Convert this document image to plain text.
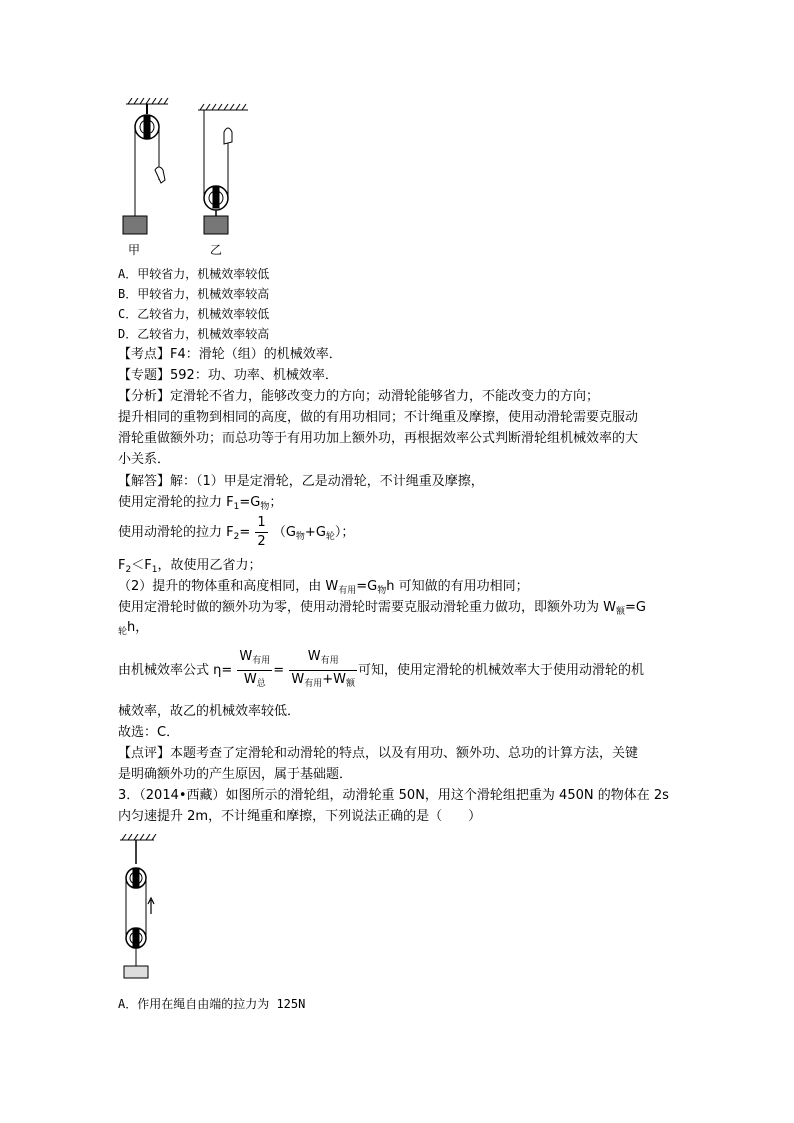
甲	乙
A．甲较省力，机械效率较低
B．甲较省力，机械效率较高
C．乙较省力，机械效率较低
D．乙较省力，机械效率较高
【考点】F4：滑轮（组）的机械效率．
【专题】592：功、功率、机械效率．
【分析】定滑轮不省力，能够改变力的方向；动滑轮能够省力，不能改变力的方向；
提升相同的重物到相同的高度，做的有用功相同；不计绳重及摩擦，使用动滑轮需要克服动
滑轮重做额外功；而总功等于有用功加上额外功，再根据效率公式判断滑轮组机械效率的大
小关系．
【解答】解：（1）甲是定滑轮，乙是动滑轮，不计绳重及摩擦，
使用定滑轮的拉力 $F_1=G_物$；
使用动滑轮的拉力 $F_2= \frac{1}{2} (G_物+G_轮)$；
$F_2<F_1$，故使用乙省力；
（2）提升的物体重和高度相同，由 $W_{有用}=G_物h$ 可知做的有用功相同；
使用定滑轮时做的额外功为零，使用动滑轮时需要克服动滑轮重力做功，即额外功为 $W_额=G$
$_轮$h，
由机械效率公式 $\eta= \frac{W_{有用}}{W_总} = \frac{W_{有用}}{W_{有用}+W_额}$ 可知，使用定滑轮的机械效率大于使用动滑轮的机
械效率，故乙的机械效率较低．
故选：C．
【点评】本题考查了定滑轮和动滑轮的特点，以及有用功、额外功、总功的计算方法，关键
是明确额外功的产生原因，属于基础题．
3．（2014•西藏）如图所示的滑轮组，动滑轮重 50N，用这个滑轮组把重为 450N 的物体在 2s
内匀速提升 2m，不计绳重和摩擦，下列说法正确的是（　　）
A．作用在绳自由端的拉力为 125N
